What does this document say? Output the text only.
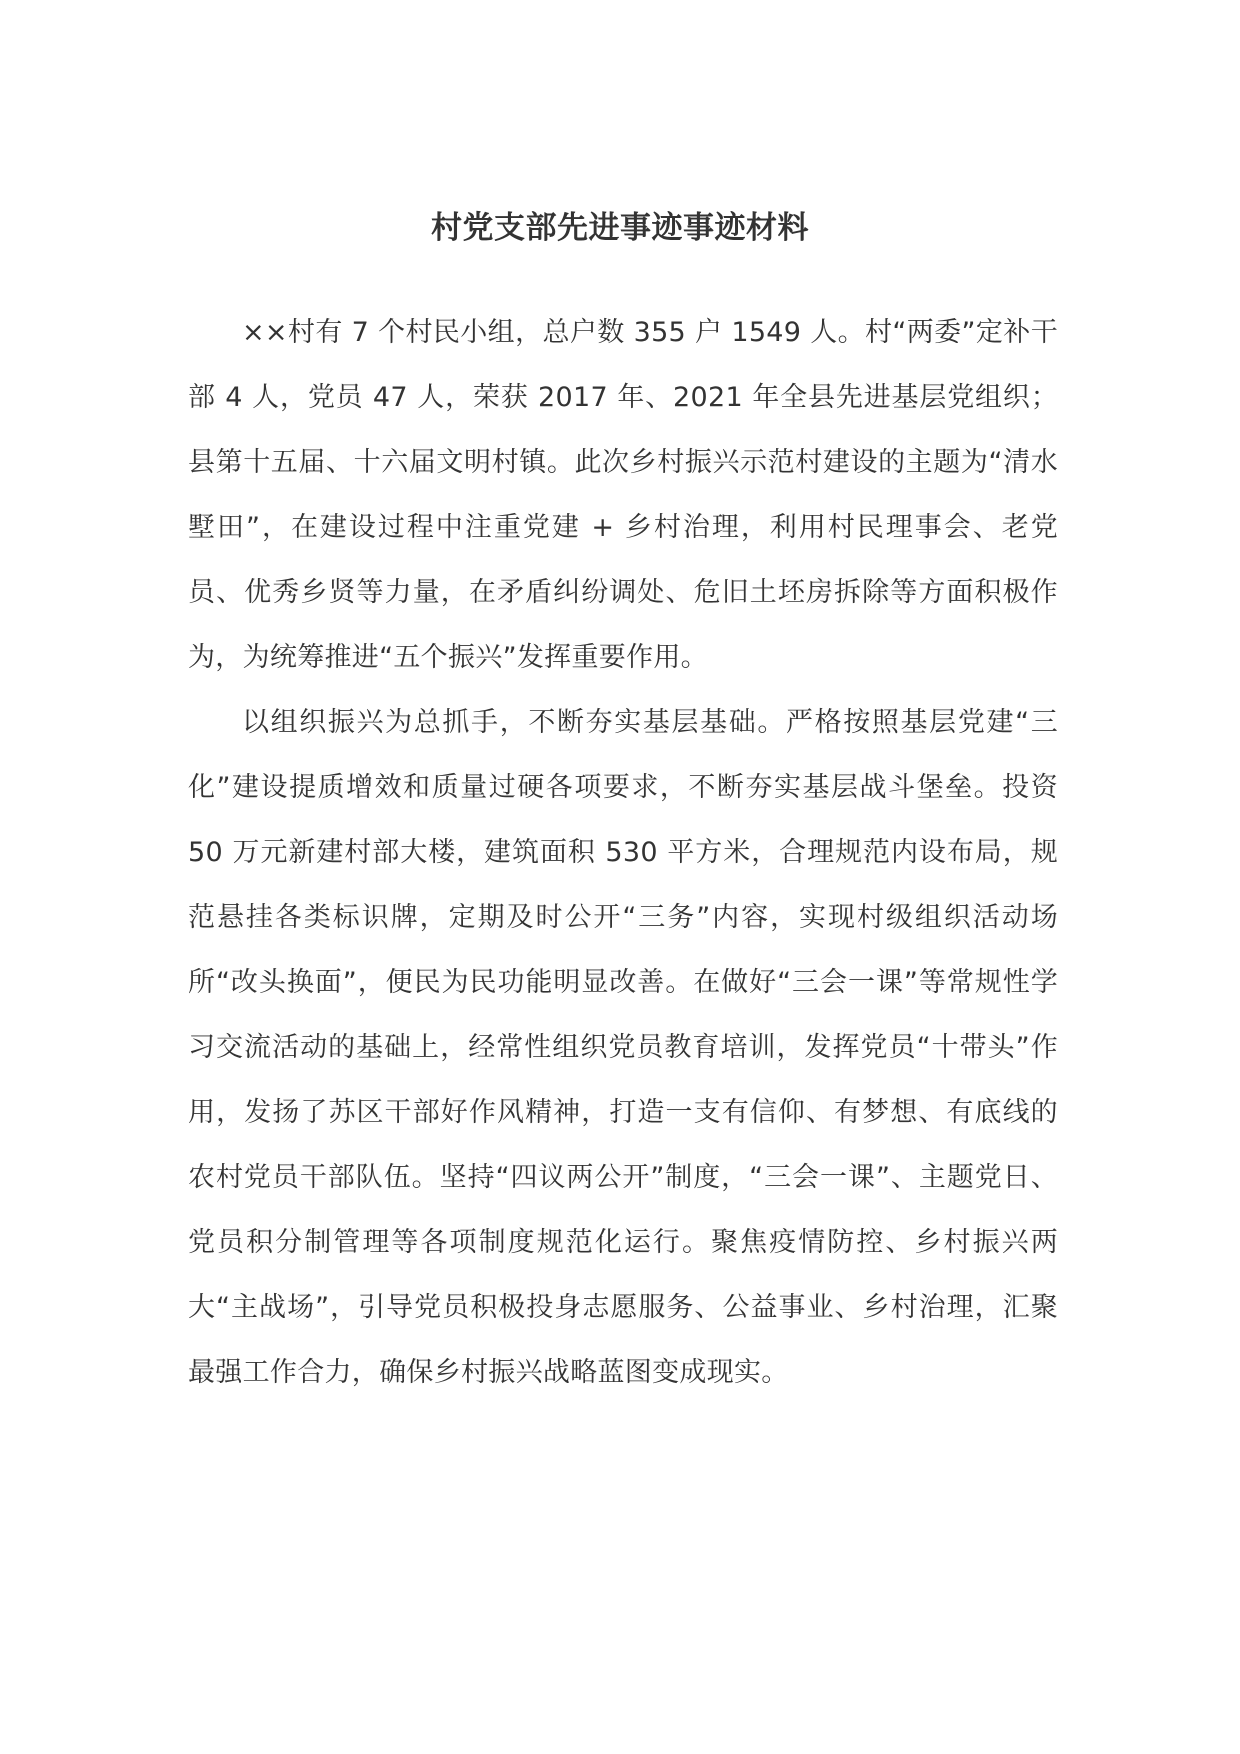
村党支部先进事迹事迹材料

××村有 7 个村民小组，总户数 355 户 1549 人。村“两委”定补干部 4 人，党员 47 人，荣获 2017 年、2021 年全县先进基层党组织；县第十五届、十六届文明村镇。此次乡村振兴示范村建设的主题为“清水墅田”，在建设过程中注重党建 + 乡村治理，利用村民理事会、老党员、优秀乡贤等力量，在矛盾纠纷调处、危旧土坯房拆除等方面积极作为，为统筹推进“五个振兴”发挥重要作用。

以组织振兴为总抓手，不断夯实基层基础。严格按照基层党建“三化”建设提质增效和质量过硬各项要求，不断夯实基层战斗堡垒。投资 50 万元新建村部大楼，建筑面积 530 平方米，合理规范内设布局，规范悬挂各类标识牌，定期及时公开“三务”内容，实现村级组织活动场所“改头换面”，便民为民功能明显改善。在做好“三会一课”等常规性学习交流活动的基础上，经常性组织党员教育培训，发挥党员“十带头”作用，发扬了苏区干部好作风精神，打造一支有信仰、有梦想、有底线的农村党员干部队伍。坚持“四议两公开”制度，“三会一课”、主题党日、党员积分制管理等各项制度规范化运行。聚焦疫情防控、乡村振兴两大“主战场”，引导党员积极投身志愿服务、公益事业、乡村治理，汇聚最强工作合力，确保乡村振兴战略蓝图变成现实。
